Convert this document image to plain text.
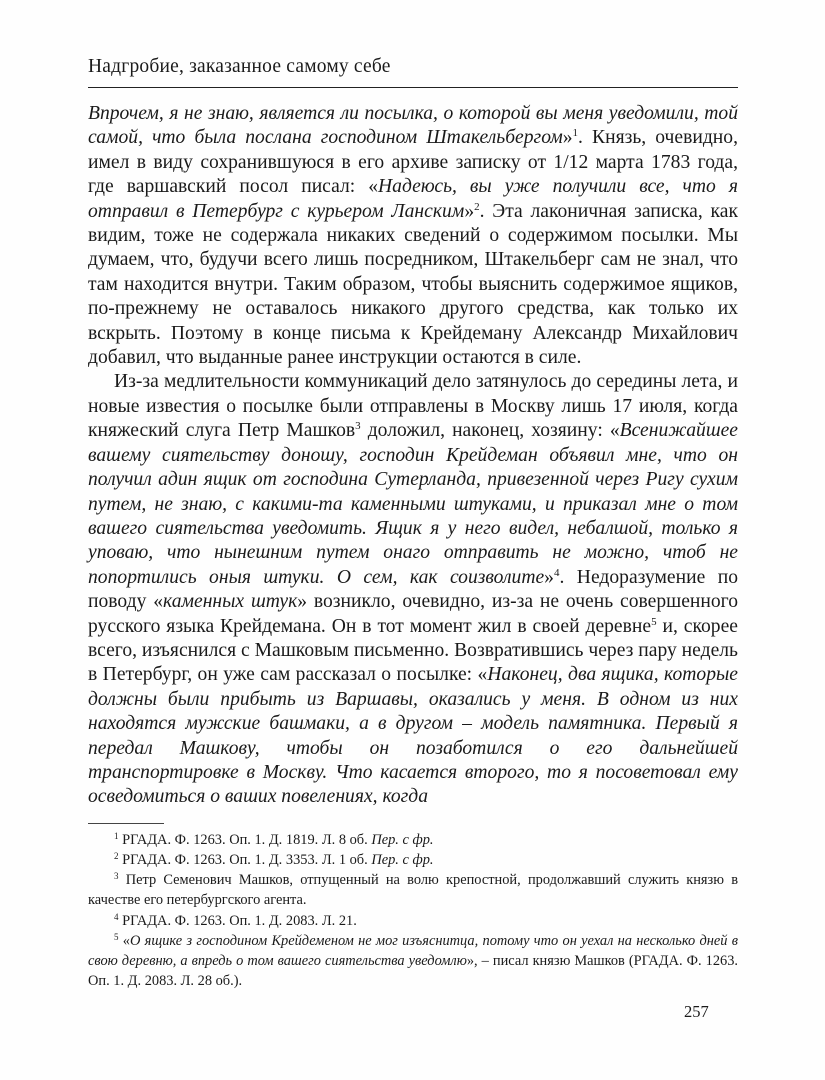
Надгробие, заказанное самому себе

Впрочем, я не знаю, является ли посылка, о которой вы меня уведомили, той самой, что была послана господином Штакельбергом»$^1$. Князь, очевидно, имел в виду сохранившуюся в его архиве записку от 1/12 марта 1783 года, где варшавский посол писал: «Надеюсь, вы уже получили все, что я отправил в Петербург с курьером Ланским»$^2$. Эта лаконичная записка, как видим, тоже не содержала никаких сведений о содержимом посылки. Мы думаем, что, будучи всего лишь посредником, Штакельберг сам не знал, что там находится внутри. Таким образом, чтобы выяснить содержимое ящиков, по-прежнему не оставалось никакого другого средства, как только их вскрыть. Поэтому в конце письма к Крейдеману Александр Михайлович добавил, что выданные ранее инструкции остаются в силе.

Из-за медлительности коммуникаций дело затянулось до середины лета, и новые известия о посылке были отправлены в Москву лишь 17 июля, когда княжеский слуга Петр Машков$^3$ доложил, наконец, хозяину: «Всенижайшее вашему сиятельству доношу, господин Крейдеман объявил мне, что он получил адин ящик от господина Сутерланда, привезенной через Ригу сухим путем, не знаю, с какими-та каменными штуками, и приказал мне о том вашего сиятельства уведомить. Ящик я у него видел, небалшой, только я уповаю, что нынешним путем онаго отправить не можно, чтоб не попортились оныя штуки. О сем, как соизволите»$^4$. Недоразумение по поводу «каменных штук» возникло, очевидно, из-за не очень совершенного русского языка Крейдемана. Он в тот момент жил в своей деревне$^5$ и, скорее всего, изъяснился с Машковым письменно. Возвратившись через пару недель в Петербург, он уже сам рассказал о посылке: «Наконец, два ящика, которые должны были прибыть из Варшавы, оказались у меня. В одном из них находятся мужские башмаки, а в другом – модель памятника. Первый я передал Машкову, чтобы он позаботился о его дальнейшей транспортировке в Москву. Что касается второго, то я посоветовал ему осведомиться о ваших повелениях, когда

$^1$ РГАДА. Ф. 1263. Оп. 1. Д. 1819. Л. 8 об. Пер. с фр.

$^2$ РГАДА. Ф. 1263. Оп. 1. Д. 3353. Л. 1 об. Пер. с фр.

$^3$ Петр Семенович Машков, отпущенный на волю крепостной, продолжавший служить князю в качестве его петербургского агента.

$^4$ РГАДА. Ф. 1263. Оп. 1. Д. 2083. Л. 21.

$^5$ «О ящике з господином Крейдеменом не мог изъяснитца, потому что он уехал на несколько дней в свою деревню, а впредь о том вашего сиятельства уведомлю», – писал князю Машков (РГАДА. Ф. 1263. Оп. 1. Д. 2083. Л. 28 об.).

257
